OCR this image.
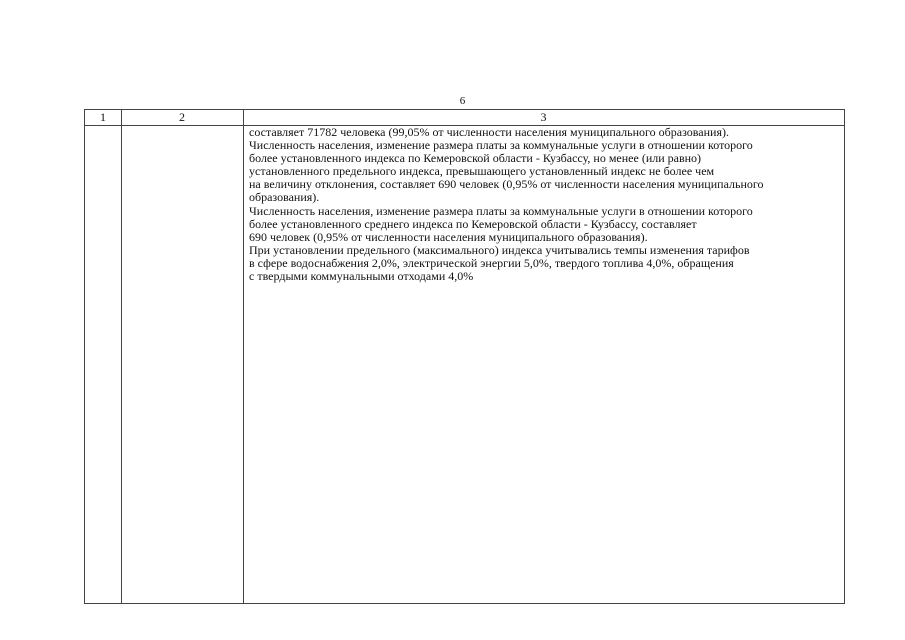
6
1	2	3
составляет 71782 человека (99,05% от численности населения муниципального образования).
Численность населения, изменение размера платы за коммунальные услуги в отношении которого
более установленного индекса по Кемеровской области - Кузбассу, но менее (или равно)
установленного предельного индекса, превышающего установленный индекс не более чем
на величину отклонения, составляет 690 человек (0,95% от численности населения муниципального
образования).
Численность населения, изменение размера платы за коммунальные услуги в отношении которого
более установленного среднего индекса по Кемеровской области - Кузбассу, составляет
690 человек (0,95% от численности населения муниципального образования).
При установлении предельного (максимального) индекса учитывались темпы изменения тарифов
в сфере водоснабжения 2,0%, электрической энергии 5,0%, твердого топлива 4,0%, обращения
с твердыми коммунальными отходами 4,0%
